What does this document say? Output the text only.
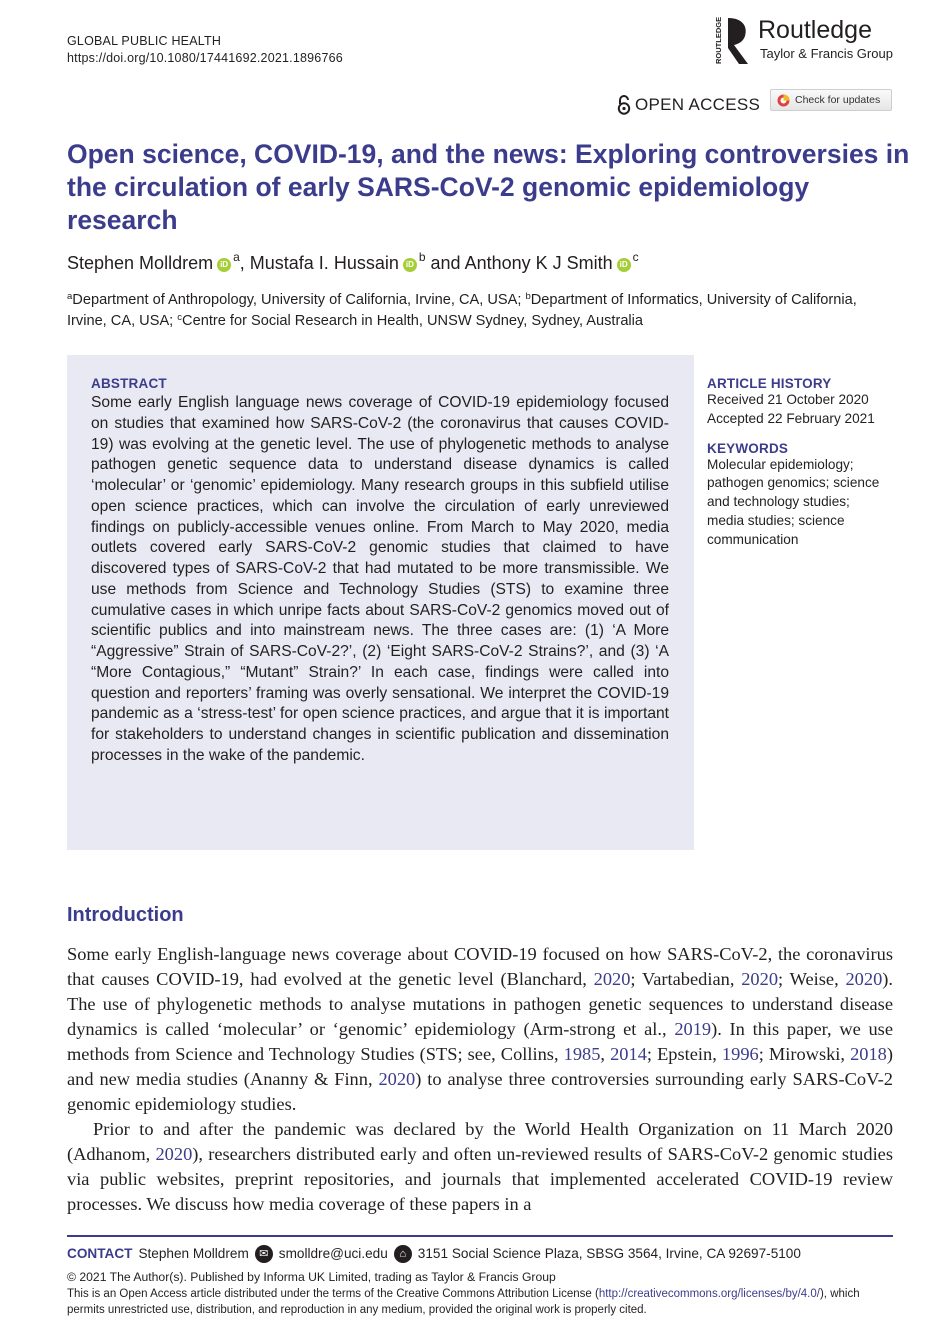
GLOBAL PUBLIC HEALTH
https://doi.org/10.1080/17441692.2021.1896766	ROUTLEDGE Routledge
Taylor & Francis Group
OPEN ACCESS	Check for updates
Open science, COVID-19, and the news: Exploring controversies in the circulation of early SARS-CoV-2 genomic epidemiology research
Stephen Molldrem $iD^a$, Mustafa I. Hussain $iD^b$ and Anthony K J Smith $iD^c$
$^a$Department of Anthropology, University of California, Irvine, CA, USA; $^b$Department of Informatics, University of California, Irvine, CA, USA; $^c$Centre for Social Research in Health, UNSW Sydney, Sydney, Australia
ABSTRACT
Some early English language news coverage of COVID-19 epidemiology focused on studies that examined how SARS-CoV-2 (the coronavirus that causes COVID-19) was evolving at the genetic level. The use of phylogenetic methods to analyse pathogen genetic sequence data to understand disease dynamics is called ‘molecular’ or ‘genomic’ epidemiology. Many research groups in this subfield utilise open science practices, which can involve the circulation of early unreviewed findings on publicly-accessible venues online. From March to May 2020, media outlets covered early SARS-CoV-2 genomic studies that claimed to have discovered types of SARS-CoV-2 that had mutated to be more transmissible. We use methods from Science and Technology Studies (STS) to examine three cumulative cases in which unripe facts about SARS-CoV-2 genomics moved out of scientific publics and into mainstream news. The three cases are: (1) ‘A More “Aggressive” Strain of SARS-CoV-2?’, (2) ‘Eight SARS-CoV-2 Strains?’, and (3) ‘A “More Contagious,” “Mutant” Strain?’ In each case, findings were called into question and reporters’ framing was overly sensational. We interpret the COVID-19 pandemic as a ‘stress-test’ for open science practices, and argue that it is important for stakeholders to understand changes in scientific publication and dissemination processes in the wake of the pandemic.
ARTICLE HISTORY
Received 21 October 2020
Accepted 22 February 2021
KEYWORDS
Molecular epidemiology;
pathogen genomics; science
and technology studies;
media studies; science
communication
Introduction

Some early English-language news coverage about COVID-19 focused on how SARS-CoV-2, the coronavirus that causes COVID-19, had evolved at the genetic level (Blanchard, 2020; Vartabedian, 2020; Weise, 2020). The use of phylogenetic methods to analyse mutations in pathogen genetic sequences to understand disease dynamics is called ‘molecular’ or ‘genomic’ epidemiology (Arm-strong et al., 2019). In this paper, we use methods from Science and Technology Studies (STS; see, Collins, 1985, 2014; Epstein, 1996; Mirowski, 2018) and new media studies (Ananny & Finn, 2020) to analyse three controversies surrounding early SARS-CoV-2 genomic epidemiology studies.

Prior to and after the pandemic was declared by the World Health Organization on 11 March 2020 (Adhanom, 2020), researchers distributed early and often un-reviewed results of SARS-CoV-2 genomic studies via public websites, preprint repositories, and journals that implemented accelerated COVID-19 review processes. We discuss how media coverage of these papers in a

CONTACT Stephen Molldrem ✉ smolldre@uci.edu	⌂ 3151 Social Science Plaza, SBSG 3564, Irvine, CA 92697-5100
© 2021 The Author(s). Published by Informa UK Limited, trading as Taylor & Francis Group
This is an Open Access article distributed under the terms of the Creative Commons Attribution License (http://creativecommons.org/licenses/by/4.0/), which permits unrestricted use, distribution, and reproduction in any medium, provided the original work is properly cited.
